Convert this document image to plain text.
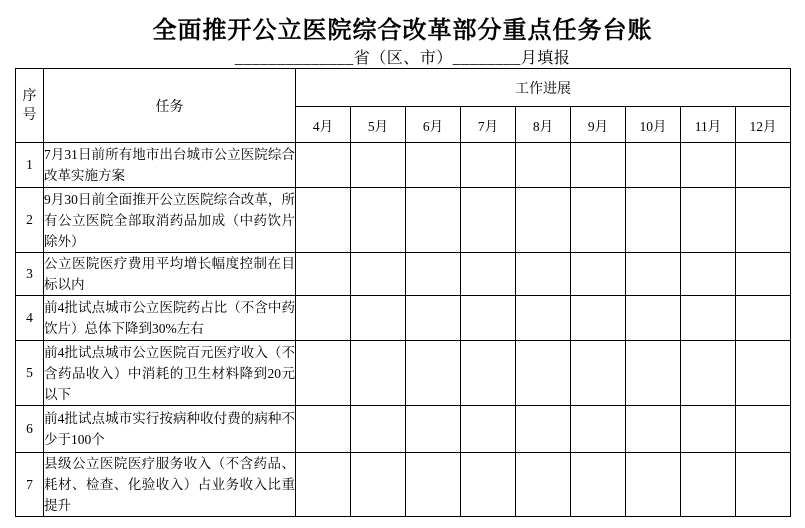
全面推开公立医院综合改革部分重点任务台账
______________省（区、市）________月填报
序号	任务	工作进展								
		4月	5月	6月	7月	8月	9月	10月	11月	12月
1	7月31日前所有地市出台城市公立医院综合改革实施方案									
2	9月30日前全面推开公立医院综合改革，所有公立医院全部取消药品加成（中药饮片除外）									
3	公立医院医疗费用平均增长幅度控制在目标以内									
4	前4批试点城市公立医院药占比（不含中药饮片）总体下降到30%左右									
5	前4批试点城市公立医院百元医疗收入（不含药品收入）中消耗的卫生材料降到20元以下									
6	前4批试点城市实行按病种收付费的病种不少于100个									
7	县级公立医院医疗服务收入（不含药品、耗材、检查、化验收入）占业务收入比重提升									
